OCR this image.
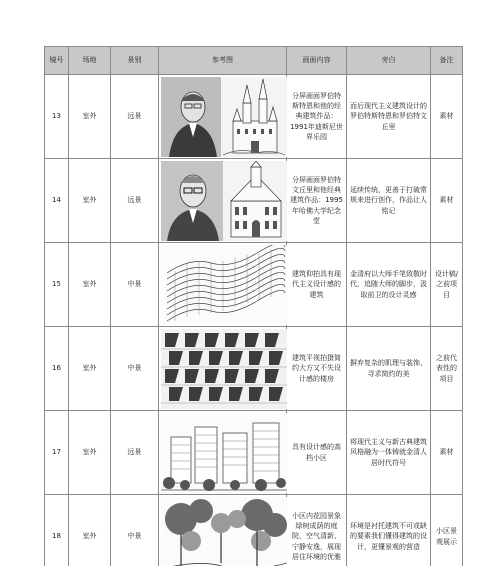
镜号	场地	景别	参考图	画面内容	旁白	备注
13	室外	远景		分屏画面罗伯特斯特恩和他的经典建筑作品：1991年迪斯尼世界乐园	而后现代主义建筑设计的罗伯特斯特恩和罗伯特文丘里	素材
14	室外	远景		分屏画面罗伯特文丘里和他经典建筑作品：1995年哈佛大学纪念堂	延续传统，更善于打破常规来进行创作，作品让人铭记	素材
15	室外	中景		建筑仰拍具有现代主义设计感的建筑	金清府以大师手笔致敬时代，追随大师的脚步，汲取前卫的设计灵感	设计稿/之前项目
16	室外	中景		建筑平视拍摄简约大方又不失设计感的楼房	摒弃复杂的肌理与装饰，寻求简约的美	之前代表性的项目
17	室外	远景		具有设计感的高档小区	将现代主义与新古典建筑风格融为一体铸就金清人居时代符号	素材
18	室外	中景		小区内花园景象绿树成荫的庭院，空气清新、宁静安逸，展现居住环境的优雅	环境是衬托建筑不可或缺的要素我们懂得建筑的设计，更懂景观的营造	小区景观展示
